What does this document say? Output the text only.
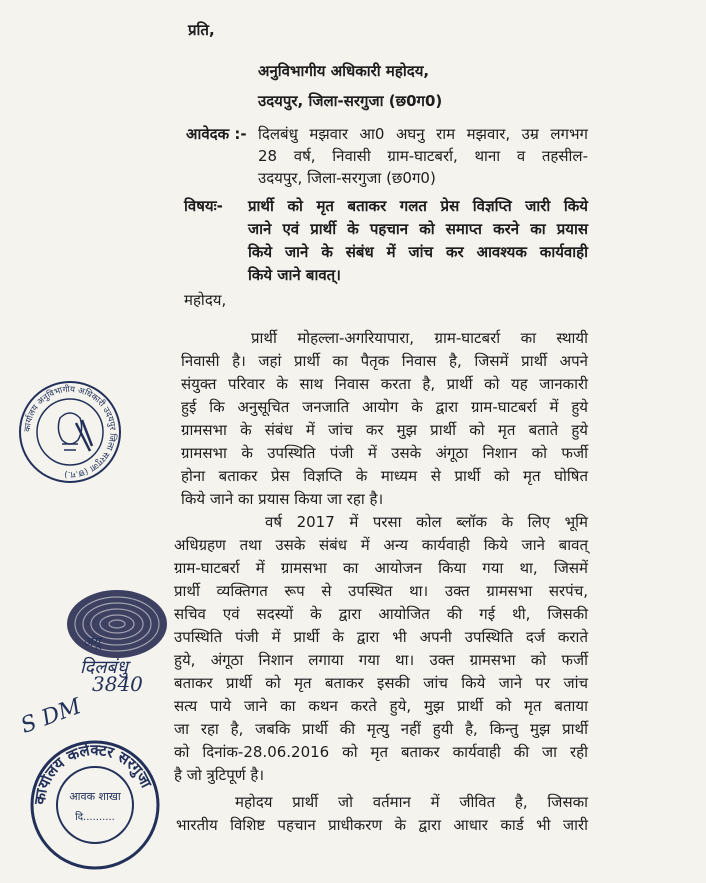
प्रति,
अनुविभागीय अधिकारी महोदय,
उदयपुर, जिला-सरगुजा (छ0ग0)
आवेदक :- दिलबंधु मझवार आ0 अघनु राम मझवार, उम्र लगभग
28 वर्ष, निवासी ग्राम-घाटबर्रा, थाना व तहसील-
उदयपुर, जिला-सरगुजा (छ0ग0)
विषयः- प्रार्थी को मृत बताकर गलत प्रेस विज्ञप्ति जारी किये
जाने एवं प्रार्थी के पहचान को समाप्त करने का प्रयास
किये जाने के संबंध में जांच कर आवश्यक कार्यवाही
किये जाने बावत्।
महोदय,
प्रार्थी मोहल्ला-अगरियापारा, ग्राम-घाटबर्रा का स्थायी
निवासी है। जहां प्रार्थी का पैतृक निवास है, जिसमें प्रार्थी अपने
संयुक्त परिवार के साथ निवास करता है, प्रार्थी को यह जानकारी
हुई कि अनुसूचित जनजाति आयोग के द्वारा ग्राम-घाटबर्रा में हुये
ग्रामसभा के संबंध में जांच कर मुझ प्रार्थी को मृत बताते हुये
ग्रामसभा के उपस्थिति पंजी में उसके अंगूठा निशान को फर्जी
होना बताकर प्रेस विज्ञप्ति के माध्यम से प्रार्थी को मृत घोषित
किये जाने का प्रयास किया जा रहा है।
वर्ष 2017 में परसा कोल ब्लॉक के लिए भूमि
अधिग्रहण तथा उसके संबंध में अन्य कार्यवाही किये जाने बावत्
ग्राम-घाटबर्रा में ग्रामसभा का आयोजन किया गया था, जिसमें
प्रार्थी व्यक्तिगत रूप से उपस्थित था। उक्त ग्रामसभा सरपंच,
सचिव एवं सदस्यों के द्वारा आयोजित की गई थी, जिसकी
उपस्थिति पंजी में प्रार्थी के द्वारा भी अपनी उपस्थिति दर्ज कराते
हुये, अंगूठा निशान लगाया गया था। उक्त ग्रामसभा को फर्जी
बताकर प्रार्थी को मृत बताकर इसकी जांच किये जाने पर जांच
सत्य पाये जाने का कथन करते हुये, मुझ प्रार्थी को मृत बताया
जा रहा है, जबकि प्रार्थी की मृत्यु नहीं हुयी है, किन्तु मुझ प्रार्थी
को दिनांक-28.06.2016 को मृत बताकर कार्यवाही की जा रही
है जो त्रुटिपूर्ण है।
महोदय प्रार्थी जो वर्तमान में जीवित है, जिसका
भारतीय विशिष्ट पहचान प्राधीकरण के द्वारा आधार कार्ड भी जारी
कार्यालय अनुविभागीय अधिकारी उदयपुर जिला सरगुजा (छ.ग.)
अंगू
दिलबंधु
S DM
3840
कार्यालय कलेक्टर सरगुजा
आवक शाखा
दि..........
